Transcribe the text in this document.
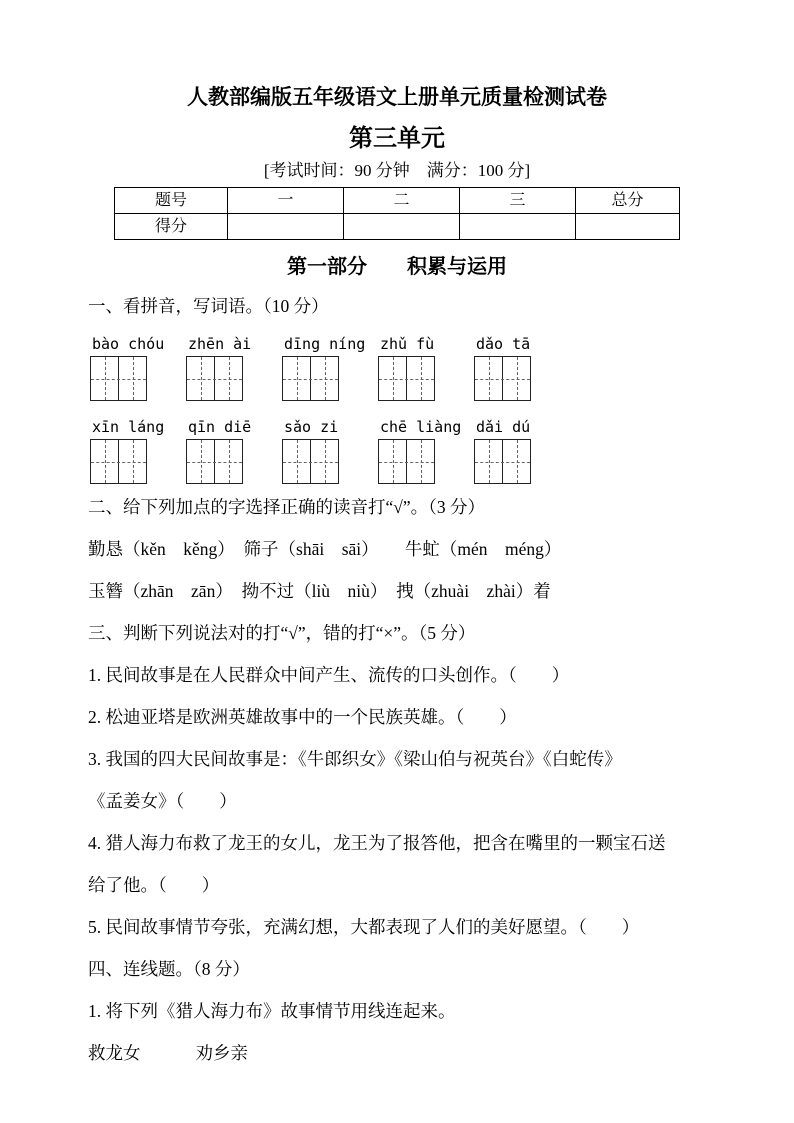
人教部编版五年级语文上册单元质量检测试卷
第三单元
[考试时间：90 分钟　满分：100 分]
题号	一	二	三	总分
得分				
第一部分　　积累与运用
一、看拼音，写词语。（10 分）
bào chóu	zhēn ài	dīng níng zhǔ fù	dǎo tā
xīn láng	qīn diē	sǎo zi	chē liàng dǎi dú
二、给下列加点的字选择正确的读音打“√”。（3 分）
勤恳（kěn　kěng）　筛子（shāi　sāi）　　牛虻（mén　méng）
玉簪（zhān　zān）　拗不过（liù　niù）　拽（zhuài　zhài）着
三、判断下列说法对的打“√”，错的打“×”。（5 分）
1. 民间故事是在人民群众中间产生、流传的口头创作。（　　）
2. 松迪亚塔是欧洲英雄故事中的一个民族英雄。（　　）
3. 我国的四大民间故事是：《牛郎织女》《梁山伯与祝英台》《白蛇传》
《孟姜女》（　　）
4. 猎人海力布救了龙王的女儿，龙王为了报答他，把含在嘴里的一颗宝石送
给了他。（　　）
5. 民间故事情节夸张，充满幻想，大都表现了人们的美好愿望。（　　）
四、连线题。（8 分）
1. 将下列《猎人海力布》故事情节用线连起来。
救龙女	劝乡亲
